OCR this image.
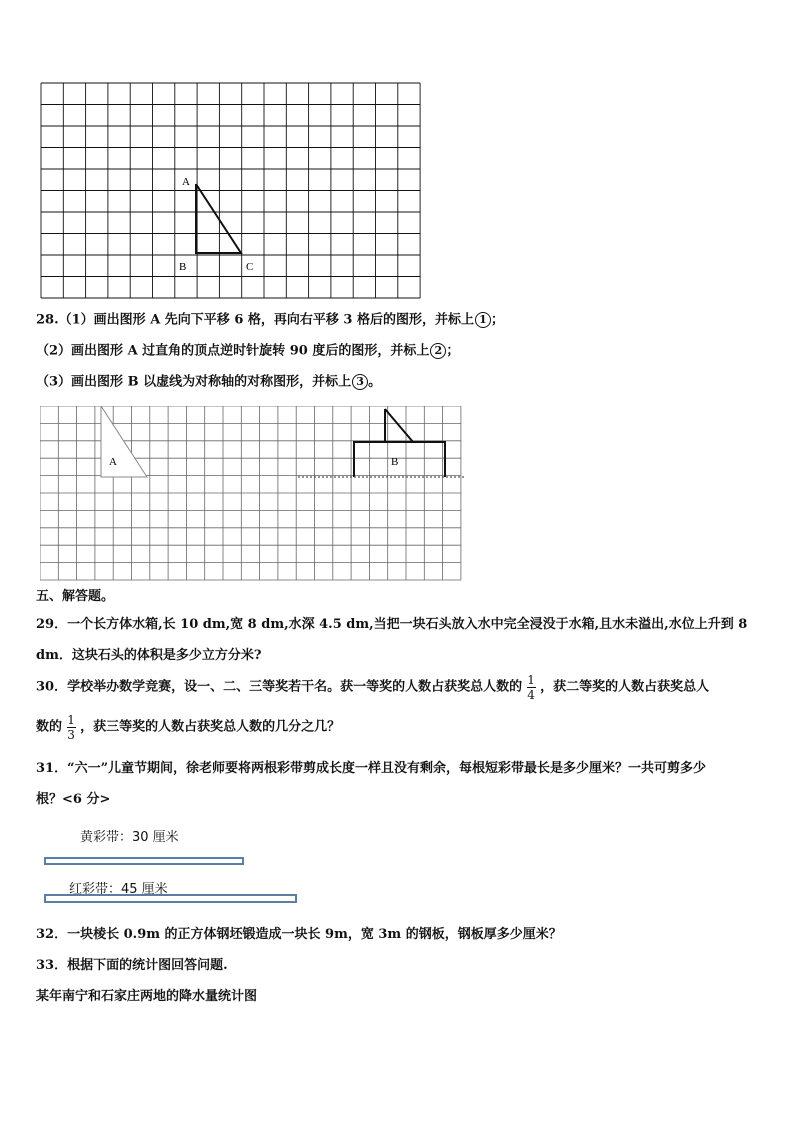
A
B	C
28.（1）画出图形 A 先向下平移 6 格，再向右平移 3 格后的图形，并标上 1 ；
（2）画出图形 A 过直角的顶点逆时针旋转 90 度后的图形，并标上 2 ；
（3）画出图形 B 以虚线为对称轴的对称图形，并标上 3 。
A	B
五、解答题。
29．一个长方体水箱,长 10 dm,宽 8 dm,水深 4.5 dm,当把一块石头放入水中完全浸没于水箱,且水未溢出,水位上升到 8
dm．这块石头的体积是多少立方分米?
30．学校举办数学竞赛，设一、二、三等奖若干名。获一等奖的人数占获奖总人数的 $\frac{1}{4}$ ，获二等奖的人数占获奖总人
数的 $\frac{1}{3}$ ，获三等奖的人数占获奖总人数的几分之几？
31．“六一”儿童节期间，徐老师要将两根彩带剪成长度一样且没有剩余，每根短彩带最长是多少厘米？一共可剪多少
根？<6 分>
黄彩带：30 厘米
红彩带：45 厘米
32．一块棱长 0.9m 的正方体钢坯锻造成一块长 9m，宽 3m 的钢板，钢板厚多少厘米？
33．根据下面的统计图回答问题.
某年南宁和石家庄两地的降水量统计图
